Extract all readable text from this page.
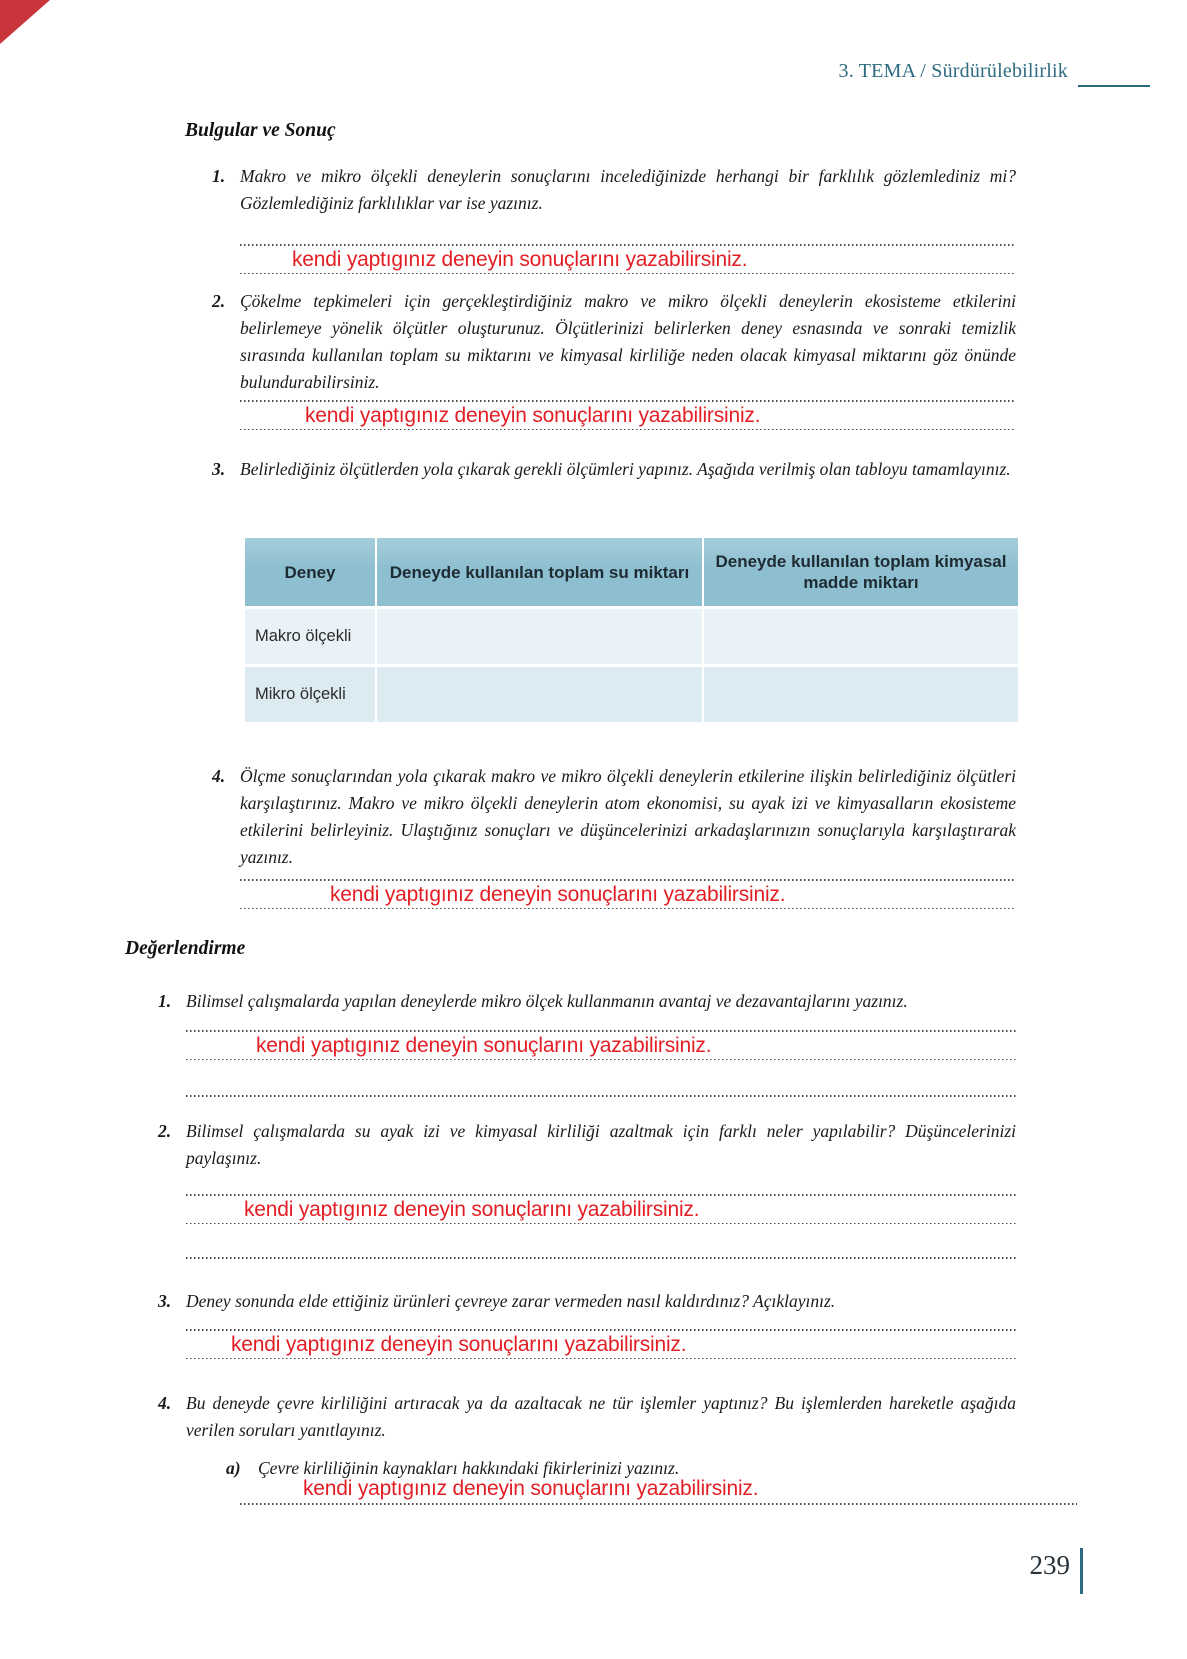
3. TEMA / Sürdürülebilirlik
Bulgular ve Sonuç
1. Makro ve mikro ölçekli deneylerin sonuçlarını incelediğinizde herhangi bir farklılık gözlemlediniz mi? Gözlemlediğiniz farklılıklar var ise yazınız.
kendi yaptıgınız deneyin sonuçlarını yazabilirsiniz.
2. Çökelme tepkimeleri için gerçekleştirdiğiniz makro ve mikro ölçekli deneylerin ekosisteme etkilerini belirlemeye yönelik ölçütler oluşturunuz. Ölçütlerinizi belirlerken deney esnasında ve sonraki temizlik sırasında kullanılan toplam su miktarını ve kimyasal kirliliğe neden olacak kimyasal miktarını göz önünde bulundurabilirsiniz.
kendi yaptıgınız deneyin sonuçlarını yazabilirsiniz.
3. Belirlediğiniz ölçütlerden yola çıkarak gerekli ölçümleri yapınız. Aşağıda verilmiş olan tabloyu tamamlayınız.
Deney	Deneyde kullanılan toplam su miktarı
Deneyde kullanılan toplam kimyasal madde miktarı
Makro ölçekli
Mikro ölçekli
4. Ölçme sonuçlarından yola çıkarak makro ve mikro ölçekli deneylerin etkilerine ilişkin belirlediğiniz ölçütleri karşılaştırınız. Makro ve mikro ölçekli deneylerin atom ekonomisi, su ayak izi ve kimyasalların ekosisteme etkilerini belirleyiniz. Ulaştığınız sonuçları ve düşüncelerinizi arkadaşlarınızın sonuçlarıyla karşılaştırarak yazınız.
kendi yaptıgınız deneyin sonuçlarını yazabilirsiniz.
Değerlendirme
1. Bilimsel çalışmalarda yapılan deneylerde mikro ölçek kullanmanın avantaj ve dezavantajlarını yazınız.
kendi yaptıgınız deneyin sonuçlarını yazabilirsiniz.
2. Bilimsel çalışmalarda su ayak izi ve kimyasal kirliliği azaltmak için farklı neler yapılabilir? Düşüncelerinizi paylaşınız.
kendi yaptıgınız deneyin sonuçlarını yazabilirsiniz.
3. Deney sonunda elde ettiğiniz ürünleri çevreye zarar vermeden nasıl kaldırdınız? Açıklayınız.
kendi yaptıgınız deneyin sonuçlarını yazabilirsiniz.
4. Bu deneyde çevre kirliliğini artıracak ya da azaltacak ne tür işlemler yaptınız? Bu işlemlerden hareketle aşağıda verilen soruları yanıtlayınız.
a) Çevre kirliliğinin kaynakları hakkındaki fikirlerinizi yazınız.
kendi yaptıgınız deneyin sonuçlarını yazabilirsiniz.
239
